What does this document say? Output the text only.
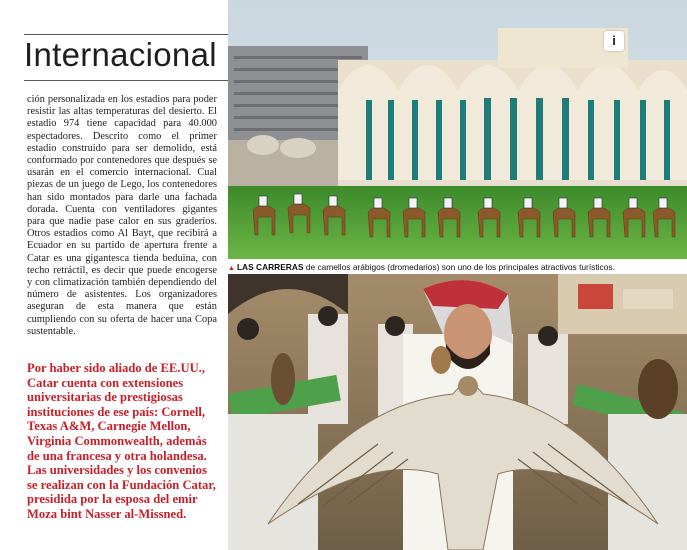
Internacional

ción personalizada en los estadios para poder resistir las altas temperaturas del desierto. El estadio 974 tiene capacidad para 40.000 espectadores. Descrito como el primer estadio construido para ser demolido, está conformado por contenedores que después se usarán en el comercio internacional. Cual piezas de un juego de Lego, los contenedores han sido montados para darle una fachada dorada. Cuenta con ventiladores gigantes para que nadie pase calor en sus graderíos. Otros estadios como Al Bayt, que recibirá a Ecuador en su partido de apertura frente a Catar es una gigantesca tienda beduina, con techo retráctil, es decir que puede encogerse y con climatización también dependiendo del número de asistentes. Los organizadores aseguran de esta manera que están cumpliendo con su oferta de hacer una Copa sustentable.

Por haber sido aliado de EE.UU., Catar cuenta con extensiones universitarias de prestigiosas instituciones de ese país: Cornell, Texas A&M, Carnegie Mellon, Virginia Commonwealth, además de una francesa y otra holandesa. Las universidades y los convenios se realizan con la Fundación Catar, presidida por la esposa del emir Moza bint Nasser al-Missned.

i
▲ LAS CARRERAS de camellos arábigos (dromedarios) son uno de los principales atractivos turísticos.
